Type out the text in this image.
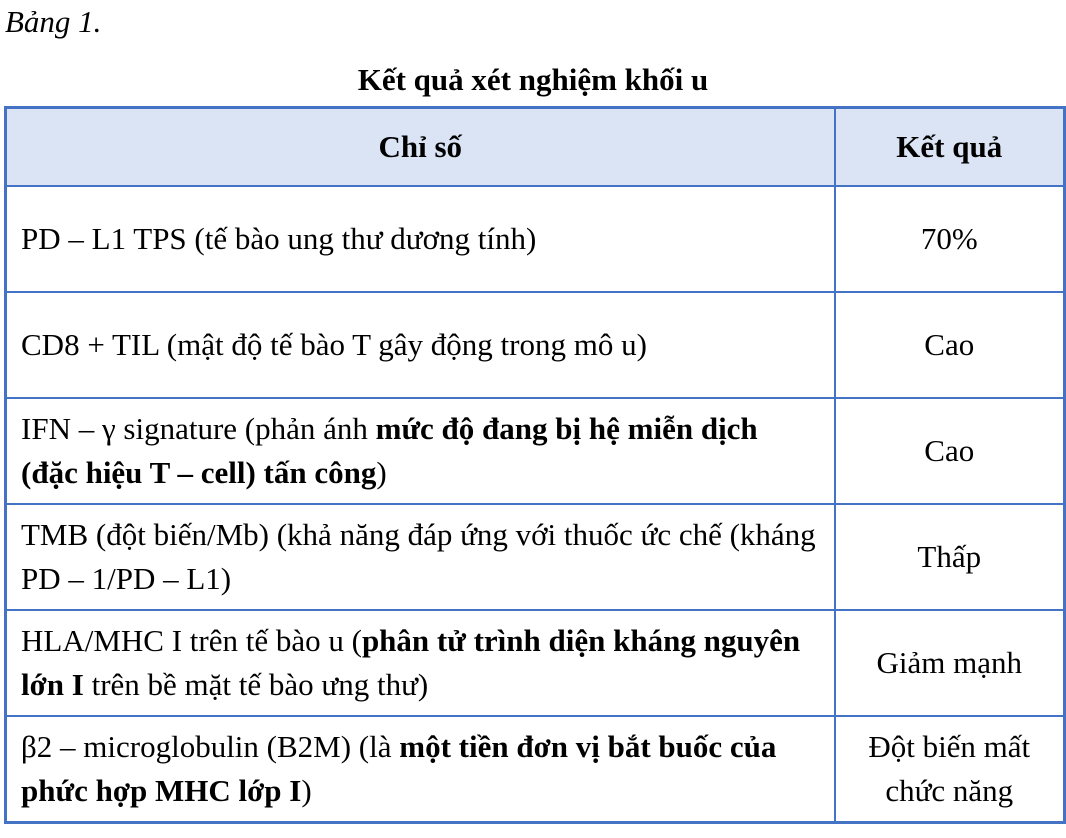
Bảng 1.
Kết quả xét nghiệm khối u
Chỉ số	Kết quả
PD – L1 TPS (tế bào ung thư dương tính)	70%
CD8 + TIL (mật độ tế bào T gây động trong mô u)	Cao
IFN – γ signature (phản ánh mức độ đang bị hệ miễn dịch (đặc hiệu T – cell) tấn công)	Cao
TMB (đột biến/Mb) (khả năng đáp ứng với thuốc ức chế (kháng PD – 1/PD – L1)	Thấp
HLA/MHC I trên tế bào u (phân tử trình diện kháng nguyên lớn I trên bề mặt tế bào ưng thư)	Giảm mạnh
β2 – microglobulin (B2M) (là một tiền đơn vị bắt buốc của phức hợp MHC lớp I)	Đột biến mất chức năng
